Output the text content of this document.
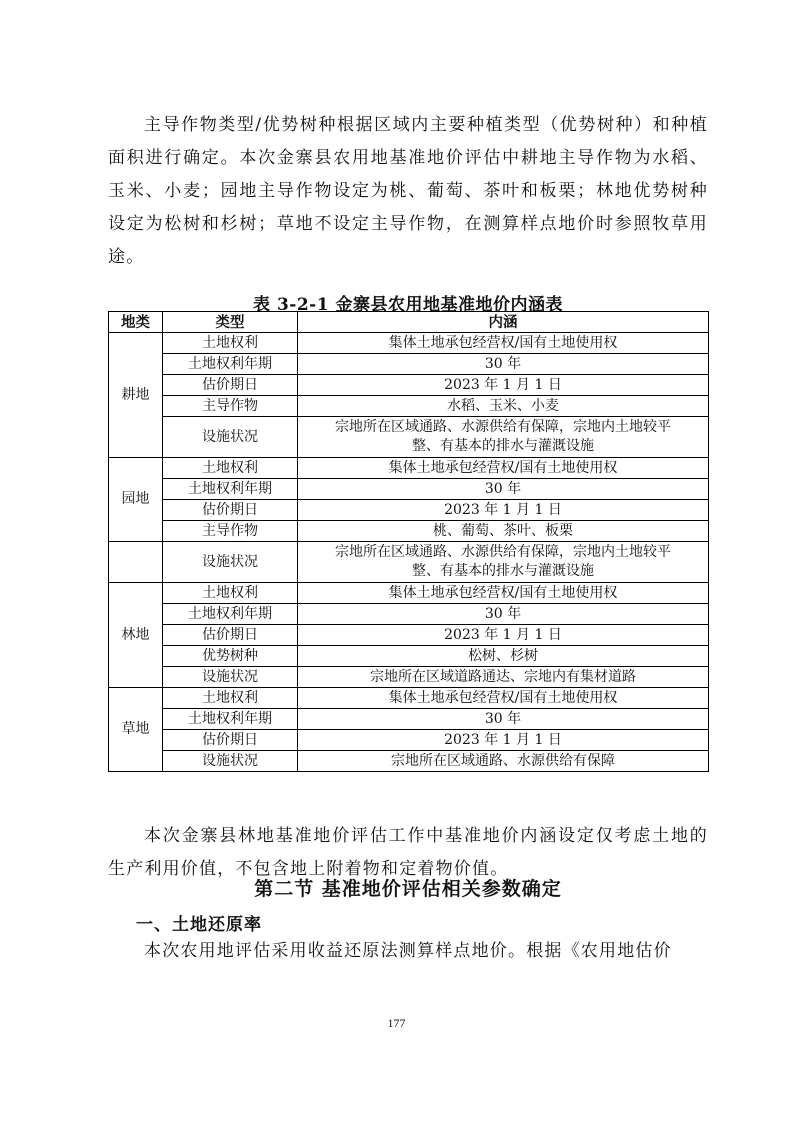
主导作物类型/优势树种根据区域内主要种植类型（优势树种）和种植面积进行确定。本次金寨县农用地基准地价评估中耕地主导作物为水稻、玉米、小麦；园地主导作物设定为桃、葡萄、茶叶和板栗；林地优势树种设定为松树和杉树；草地不设定主导作物，在测算样点地价时参照牧草用途。

表 3-2-1 金寨县农用地基准地价内涵表
地类	类型	内涵
耕地	土地权利	集体土地承包经营权/国有土地使用权
	土地权利年期	30 年
	估价期日	2023 年 1 月 1 日
	主导作物	水稻、玉米、小麦
	设施状况	宗地所在区域通路、水源供给有保障，宗地内土地较平
整、有基本的排水与灌溉设施

园地	土地权利	集体土地承包经营权/国有土地使用权
	土地权利年期	30 年
	估价期日	2023 年 1 月 1 日
	主导作物	桃、葡萄、茶叶、板栗
	设施状况	宗地所在区域通路、水源供给有保障，宗地内土地较平
整、有基本的排水与灌溉设施

林地	土地权利	集体土地承包经营权/国有土地使用权
	土地权利年期	30 年
	估价期日	2023 年 1 月 1 日
	优势树种	松树、杉树
	设施状况	宗地所在区域道路通达、宗地内有集材道路
草地	土地权利	集体土地承包经营权/国有土地使用权
	土地权利年期	30 年
	估价期日	2023 年 1 月 1 日
	设施状况	宗地所在区域通路、水源供给有保障

本次金寨县林地基准地价评估工作中基准地价内涵设定仅考虑土地的生产利用价值，不包含地上附着物和定着物价值。

第二节 基准地价评估相关参数确定
一、土地还原率

本次农用地评估采用收益还原法测算样点地价。根据《农用地估价

177
